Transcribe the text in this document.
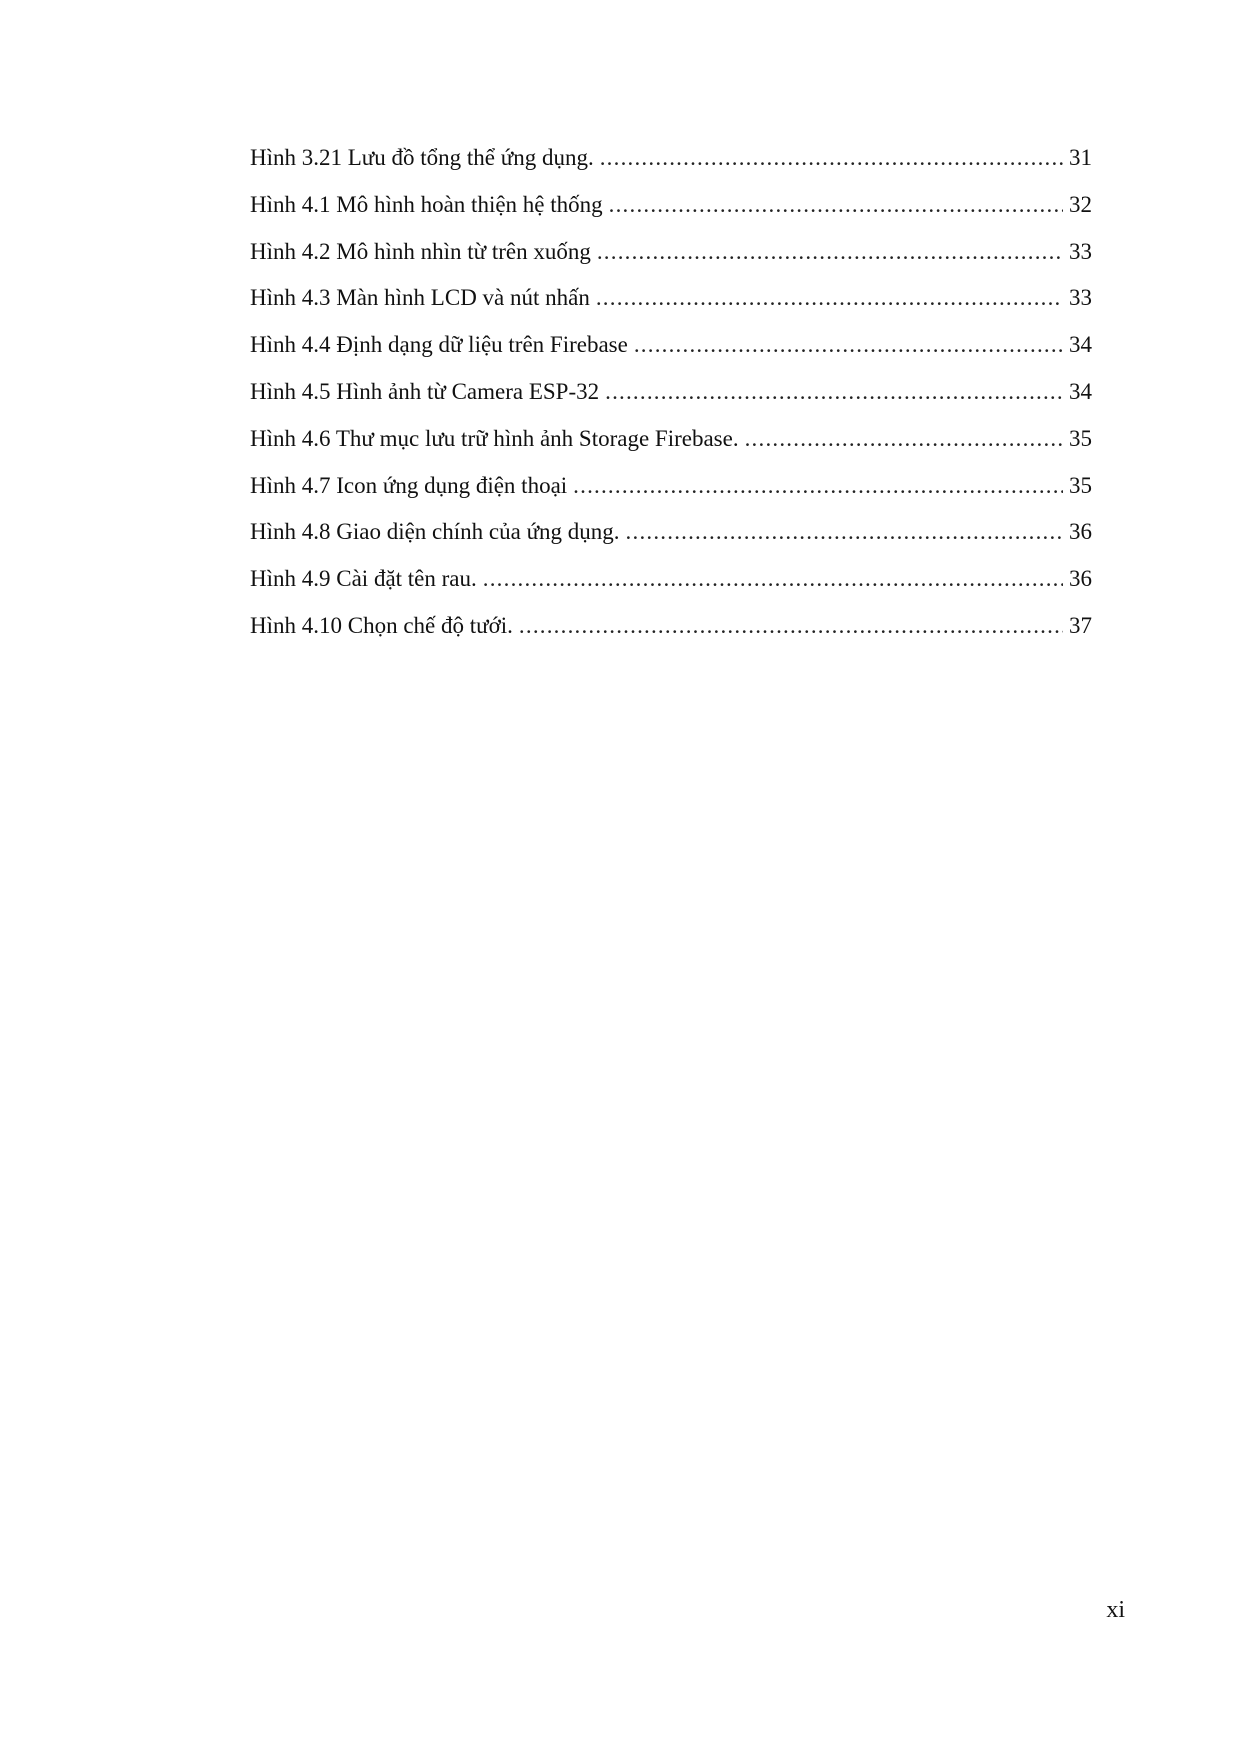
Hình 3.21 Lưu đồ tổng thể ứng dụng. .....	31
Hình 4.1 Mô hình hoàn thiện hệ thống .....	32
Hình 4.2 Mô hình nhìn từ trên xuống .....	33
Hình 4.3 Màn hình LCD và nút nhấn .....	33
Hình 4.4 Định dạng dữ liệu trên Firebase .....	34
Hình 4.5 Hình ảnh từ Camera ESP-32 .....	34
Hình 4.6 Thư mục lưu trữ hình ảnh Storage Firebase. .....	35
Hình 4.7 Icon ứng dụng điện thoại .....	35
Hình 4.8 Giao diện chính của ứng dụng. .....	36
Hình 4.9 Cài đặt tên rau. .....	36
Hình 4.10 Chọn chế độ tưới. .....	37
xi
